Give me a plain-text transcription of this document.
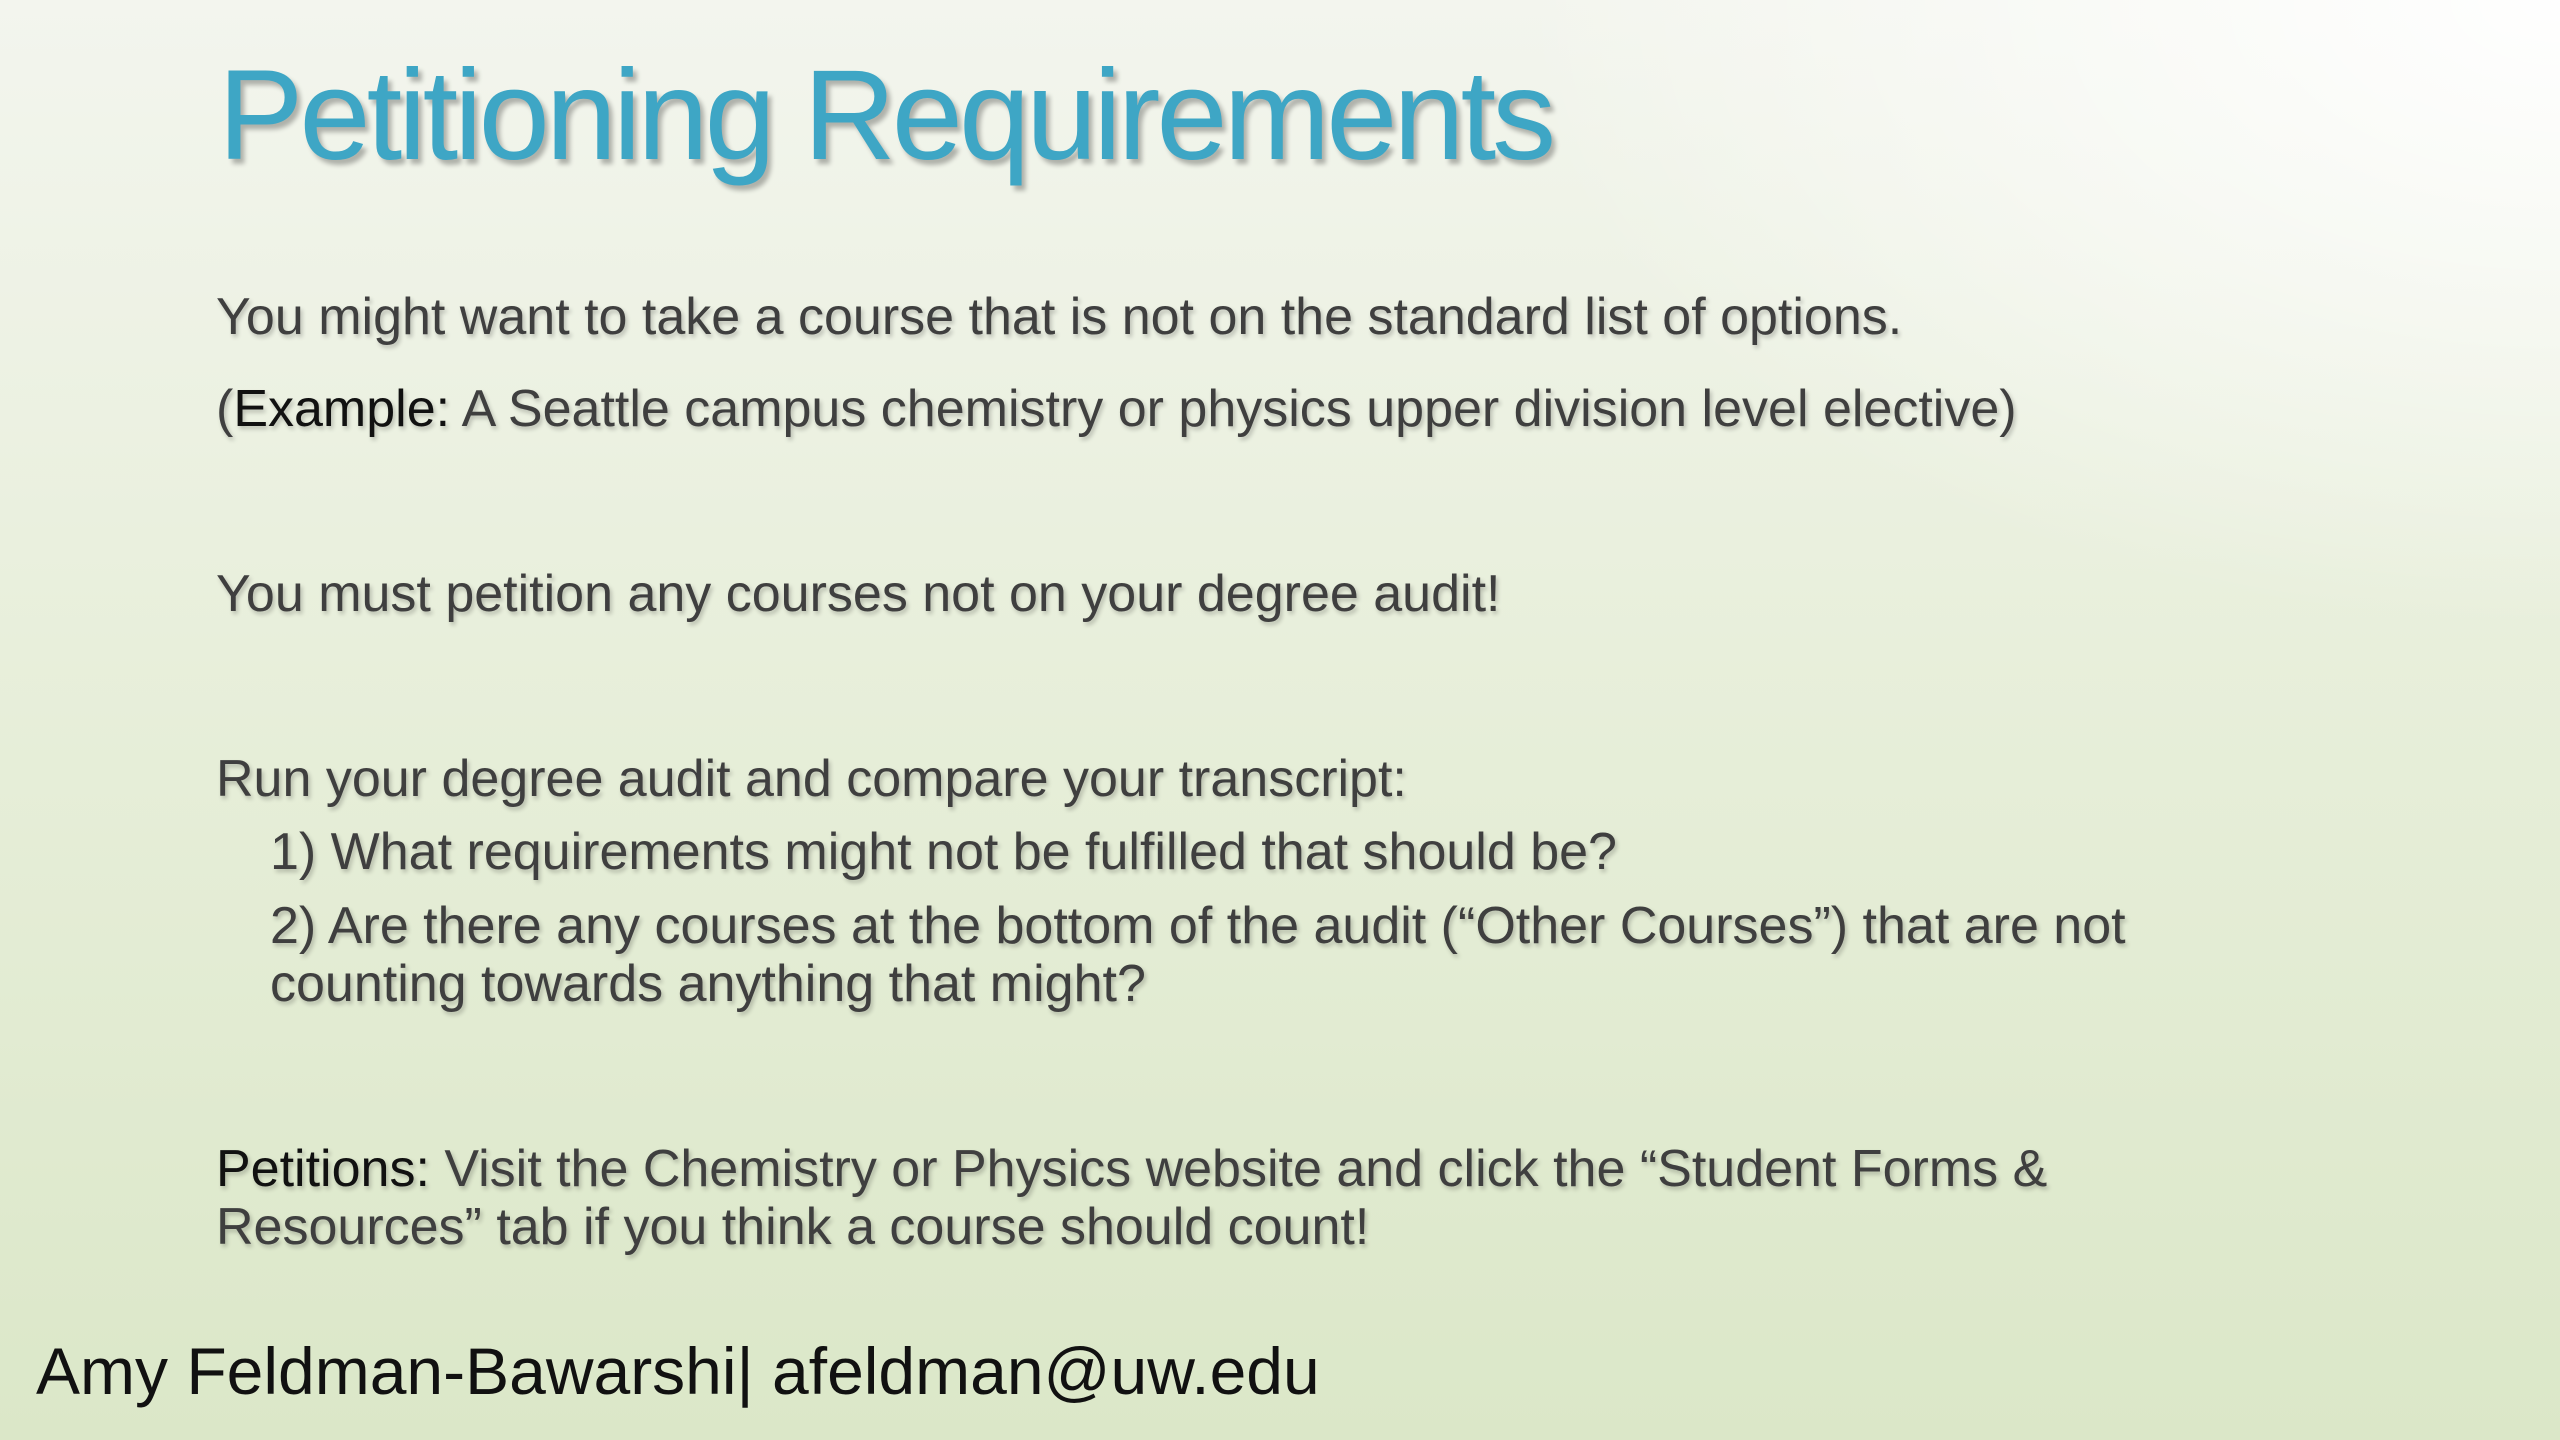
Petitioning Requirements

You might want to take a course that is not on the standard list of options.

(Example: A Seattle campus chemistry or physics upper division level elective)

You must petition any courses not on your degree audit!

Run your degree audit and compare your transcript:

1) What requirements might not be fulfilled that should be?

2) Are there any courses at the bottom of the audit (“Other Courses”) that are not

counting towards anything that might?

Petitions: Visit the Chemistry or Physics website and click the “Student Forms &

Resources” tab if you think a course should count!

Amy Feldman-Bawarshi| afeldman@uw.edu
